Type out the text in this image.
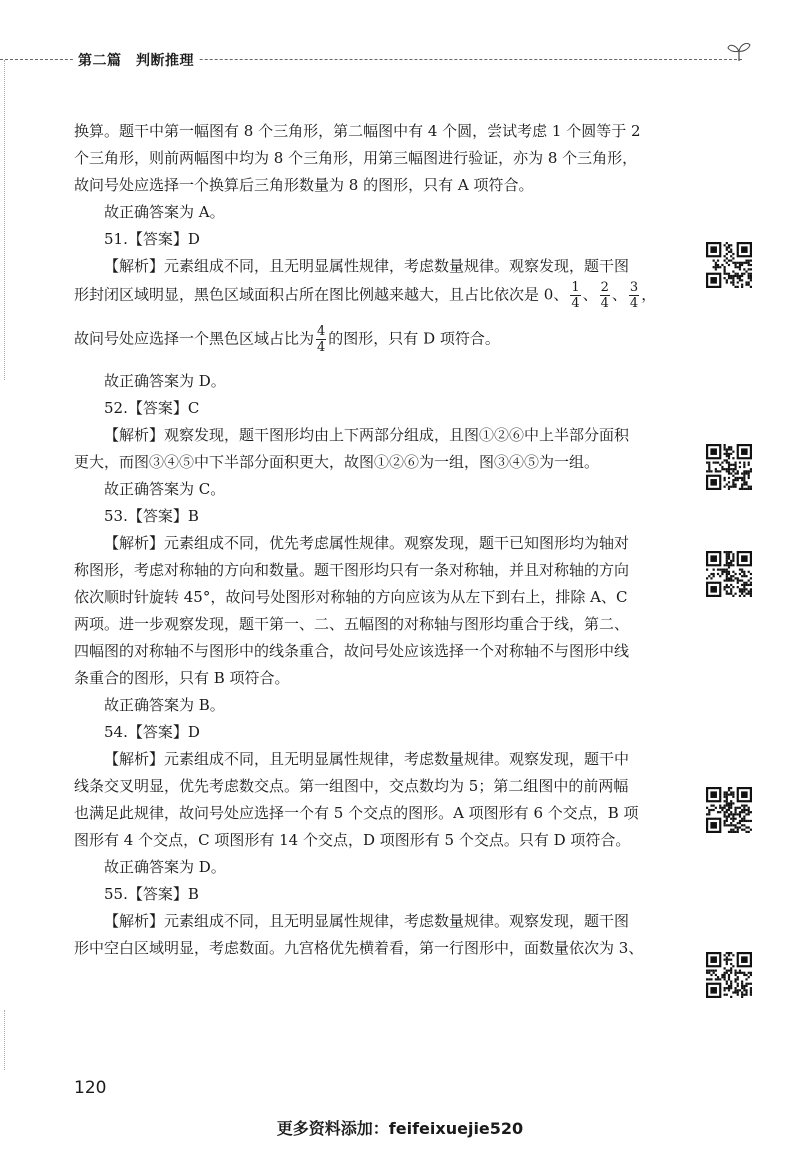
第二篇　判断推理

换算。题干中第一幅图有 8 个三角形，第二幅图中有 4 个圆，尝试考虑 1 个圆等于 2

个三角形，则前两幅图中均为 8 个三角形，用第三幅图进行验证，亦为 8 个三角形，

故问号处应选择一个换算后三角形数量为 8 的图形，只有 A 项符合。

故正确答案为 A。

51.【答案】D

【解析】元素组成不同，且无明显属性规律，考虑数量规律。观察发现，题干图

形封闭区域明显，黑色区域面积占所在图比例越来越大，且占比依次是 0、 $\frac{1}{4}$ 、 $\frac{2}{4}$ 、 $\frac{3}{4}$ ，
故问号处应选择一个黑色区域占比为 $\frac{4}{4}$ 的图形，只有 D 项符合。

故正确答案为 D。

52.【答案】C

【解析】观察发现，题干图形均由上下两部分组成，且图①②⑥中上半部分面积

更大，而图③④⑤中下半部分面积更大，故图①②⑥为一组，图③④⑤为一组。

故正确答案为 C。

53.【答案】B

【解析】元素组成不同，优先考虑属性规律。观察发现，题干已知图形均为轴对

称图形，考虑对称轴的方向和数量。题干图形均只有一条对称轴，并且对称轴的方向

依次顺时针旋转 45°，故问号处图形对称轴的方向应该为从左下到右上，排除 A、C

两项。进一步观察发现，题干第一、二、五幅图的对称轴与图形均重合于线，第二、

四幅图的对称轴不与图形中的线条重合，故问号处应该选择一个对称轴不与图形中线

条重合的图形，只有 B 项符合。

故正确答案为 B。

54.【答案】D

【解析】元素组成不同，且无明显属性规律，考虑数量规律。观察发现，题干中

线条交叉明显，优先考虑数交点。第一组图中，交点数均为 5；第二组图中的前两幅

也满足此规律，故问号处应选择一个有 5 个交点的图形。A 项图形有 6 个交点，B 项

图形有 4 个交点，C 项图形有 14 个交点，D 项图形有 5 个交点。只有 D 项符合。

故正确答案为 D。

55.【答案】B

【解析】元素组成不同，且无明显属性规律，考虑数量规律。观察发现，题干图

形中空白区域明显，考虑数面。九宫格优先横着看，第一行图形中，面数量依次为 3、

120
更多资料添加：feifeixuejie520
